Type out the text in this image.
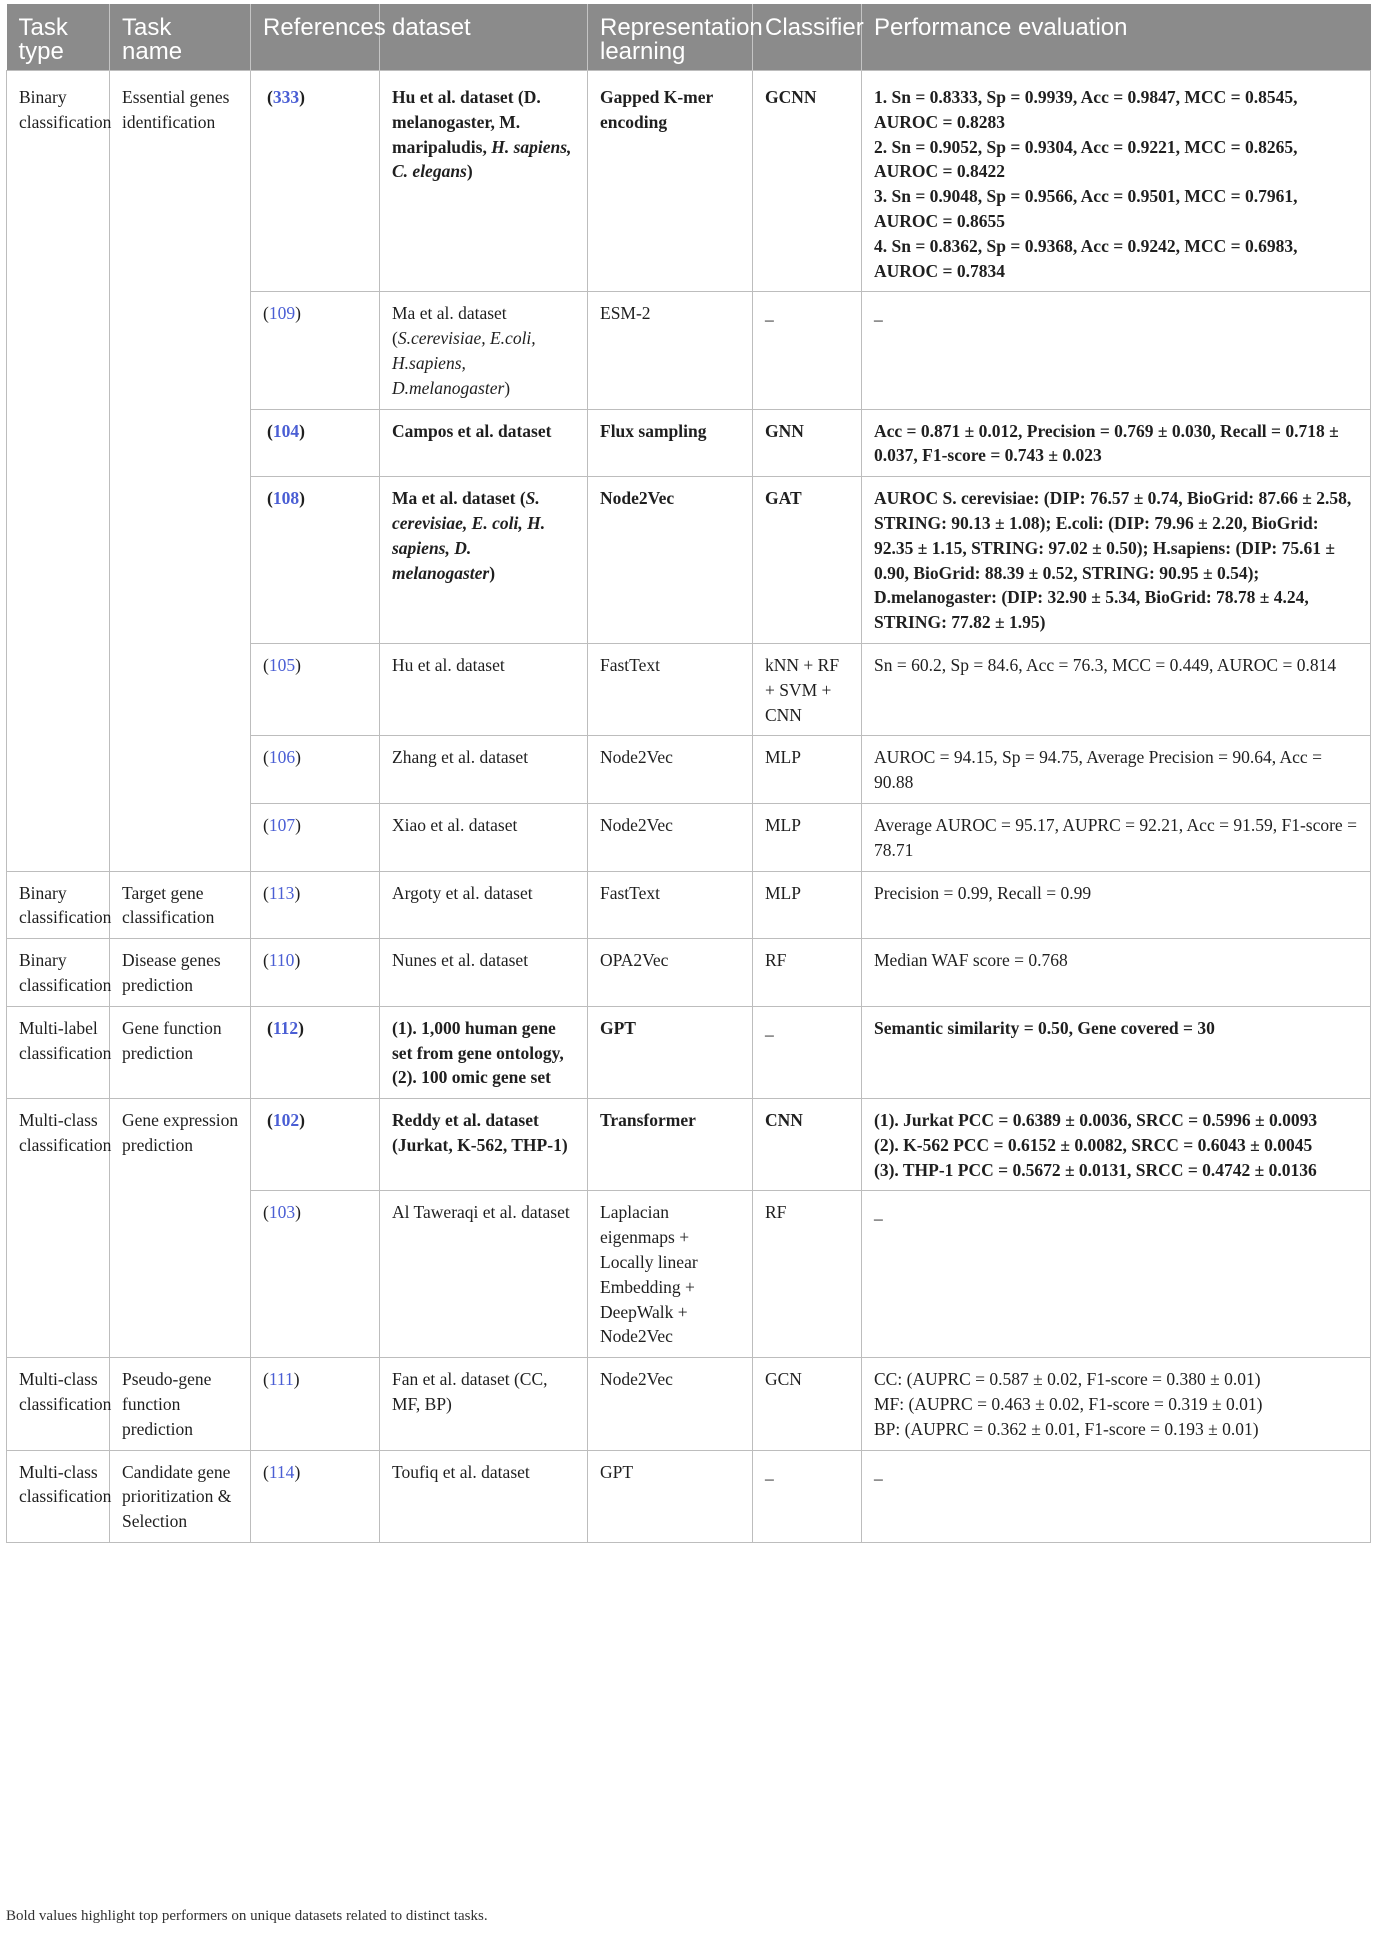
Task type	Task name	References	dataset	Representation learning	Classifier	Performance evaluation
Binary classification	Essential genes identification	(333)	Hu et al. dataset (D. melanogaster, M. maripaludis, H. sapiens, C. elegans)	Gapped K-mer encoding	GCNN	1. Sn = 0.8333, Sp = 0.9939, Acc = 0.9847, MCC = 0.8545, AUROC = 0.8283
2. Sn = 0.9052, Sp = 0.9304, Acc = 0.9221, MCC = 0.8265, AUROC = 0.8422
3. Sn = 0.9048, Sp = 0.9566, Acc = 0.9501, MCC = 0.7961, AUROC = 0.8655
4. Sn = 0.8362, Sp = 0.9368, Acc = 0.9242, MCC = 0.6983, AUROC = 0.7834

		(109)	Ma et al. dataset (S.cerevisiae, E.coli, H.sapiens, D.melanogaster)	ESM-2	_	_
		(104)	Campos et al. dataset	Flux sampling	GNN	Acc = 0.871 ± 0.012, Precision = 0.769 ± 0.030, Recall = 0.718 ± 0.037, F1-score = 0.743 ± 0.023
		(108)	Ma et al. dataset (S. cerevisiae, E. coli, H. sapiens, D. melanogaster)	Node2Vec	GAT	AUROC S. cerevisiae: (DIP: 76.57 ± 0.74, BioGrid: 87.66 ± 2.58, STRING: 90.13 ± 1.08); E.coli: (DIP: 79.96 ± 2.20, BioGrid: 92.35 ± 1.15, STRING: 97.02 ± 0.50); H.sapiens: (DIP: 75.61 ± 0.90, BioGrid: 88.39 ± 0.52, STRING: 90.95 ± 0.54); D.melanogaster: (DIP: 32.90 ± 5.34, BioGrid: 78.78 ± 4.24, STRING: 77.82 ± 1.95)
		(105)	Hu et al. dataset	FastText	kNN + RF + SVM + CNN	Sn = 60.2, Sp = 84.6, Acc = 76.3, MCC = 0.449, AUROC = 0.814
		(106)	Zhang et al. dataset	Node2Vec	MLP	AUROC = 94.15, Sp = 94.75, Average Precision = 90.64, Acc = 90.88
		(107)	Xiao et al. dataset	Node2Vec	MLP	Average AUROC = 95.17, AUPRC = 92.21, Acc = 91.59, F1-score = 78.71
Binary classification	Target gene classification	(113)	Argoty et al. dataset	FastText	MLP	Precision = 0.99, Recall = 0.99
Binary classification	Disease genes prediction	(110)	Nunes et al. dataset	OPA2Vec	RF	Median WAF score = 0.768
Multi-label classification	Gene function prediction	(112)	(1). 1,000 human gene set from gene ontology, (2). 100 omic gene set	GPT	_	Semantic similarity = 0.50, Gene covered = 30
Multi-class classification	Gene expression prediction	(102)	Reddy et al. dataset (Jurkat, K-562, THP-1)	Transformer	CNN	(1). Jurkat PCC = 0.6389 ± 0.0036, SRCC = 0.5996 ± 0.0093
(2). K-562 PCC = 0.6152 ± 0.0082, SRCC = 0.6043 ± 0.0045
(3). THP-1 PCC = 0.5672 ± 0.0131, SRCC = 0.4742 ± 0.0136

		(103)	Al Taweraqi et al. dataset	Laplacian eigenmaps + Locally linear Embedding + DeepWalk + Node2Vec	RF	_
Multi-class classification	Pseudo-gene function prediction	(111)	Fan et al. dataset (CC, MF, BP)	Node2Vec	GCN	CC: (AUPRC = 0.587 ± 0.02, F1-score = 0.380 ± 0.01)
MF: (AUPRC = 0.463 ± 0.02, F1-score = 0.319 ± 0.01)
BP: (AUPRC = 0.362 ± 0.01, F1-score = 0.193 ± 0.01)

Multi-class classification	Candidate gene prioritization & Selection	(114)	Toufiq et al. dataset	GPT	_	_
Bold values highlight top performers on unique datasets related to distinct tasks.
